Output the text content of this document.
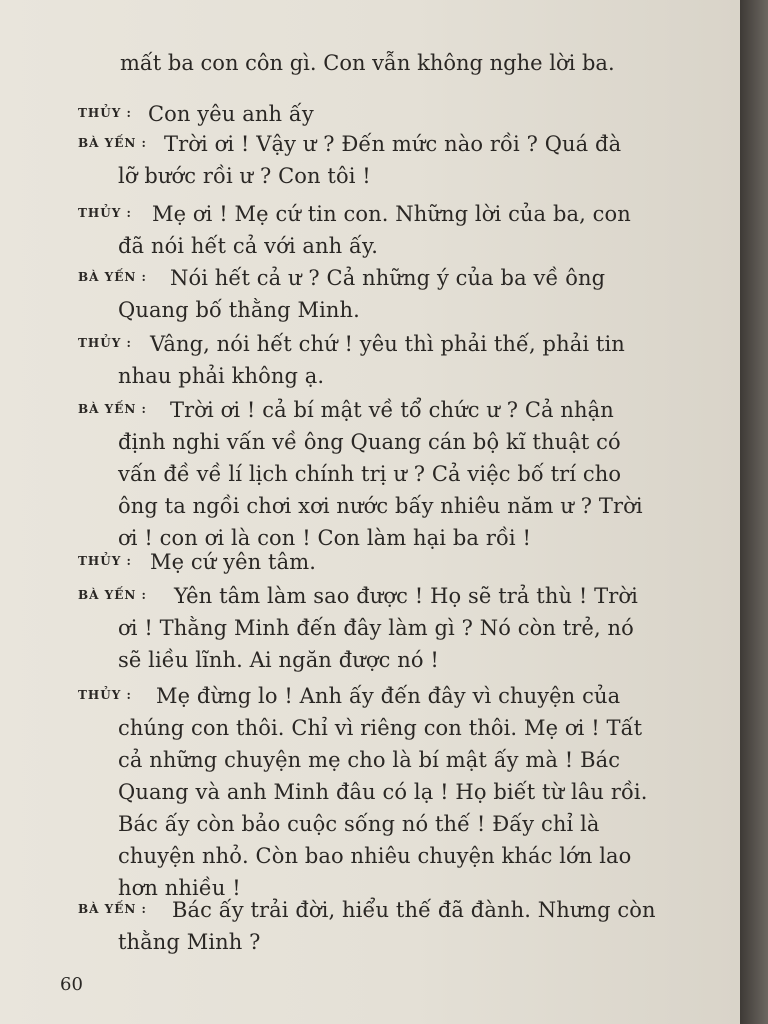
mất ba con côn gì. Con vẫn không nghe lời ba.
THỦY : Con yêu anh ấy
BÀ YẾN : Trời ơi ! Vậy ư ? Đến mức nào rồi ? Quá đà
lỡ bước rồi ư ? Con tôi !
THỦY : Mẹ ơi ! Mẹ cứ tin con. Những lời của ba, con
đã nói hết cả với anh ấy.
BÀ YẾN :	Nói hết cả ư ? Cả những ý của ba về ông
Quang bố thằng Minh.
THỦY : Vâng, nói hết chứ ! yêu thì phải thế, phải tin
nhau phải không ạ.
BÀ YẾN :	Trời ơi ! cả bí mật về tổ chức ư ? Cả nhận
định nghi vấn về ông Quang cán bộ kĩ thuật có
vấn đề về lí lịch chính trị ư ? Cả việc bố trí cho
ông ta ngồi chơi xơi nước bấy nhiêu năm ư ? Trời
ơi ! con ơi là con ! Con làm hại ba rồi !
THỦY : Mẹ cứ yên tâm.
BÀ YẾN :	Yên tâm làm sao được ! Họ sẽ trả thù ! Trời
ơi ! Thằng Minh đến đây làm gì ? Nó còn trẻ, nó
sẽ liều lĩnh. Ai ngăn được nó !
THỦY :	Mẹ đừng lo ! Anh ấy đến đây vì chuyện của
chúng con thôi. Chỉ vì riêng con thôi. Mẹ ơi ! Tất
cả những chuyện mẹ cho là bí mật ấy mà ! Bác
Quang và anh Minh đâu có lạ ! Họ biết từ lâu rồi.
Bác ấy còn bảo cuộc sống nó thế ! Đấy chỉ là
chuyện nhỏ. Còn bao nhiêu chuyện khác lớn lao
hơn nhiều !
BÀ YẾN :	Bác ấy trải đời, hiểu thế đã đành. Nhưng còn
thằng Minh ?
60
